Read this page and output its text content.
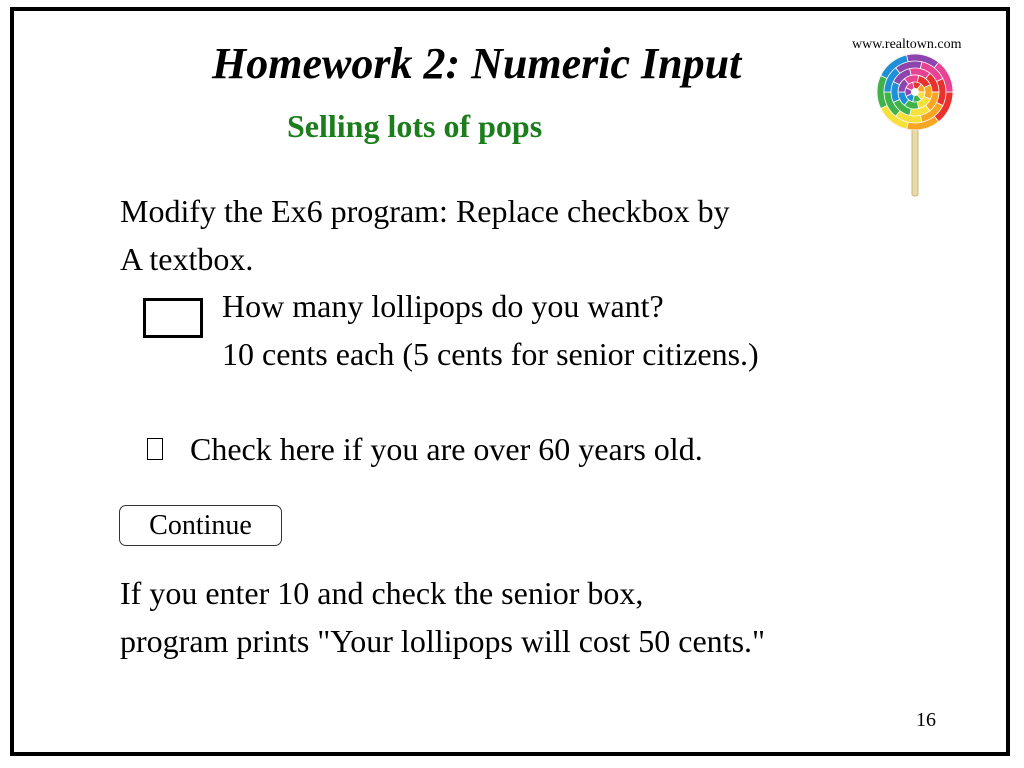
Homework 2: Numeric Input
Selling lots of pops
www.realtown.com
Modify the Ex6 program: Replace checkbox by
A textbox.
How many lollipops do you want?
10 cents each (5 cents for senior citizens.)
Check here if you are over 60 years old.
Continue
If you enter 10 and check the senior box,
program prints "Your lollipops will cost 50 cents."
16
